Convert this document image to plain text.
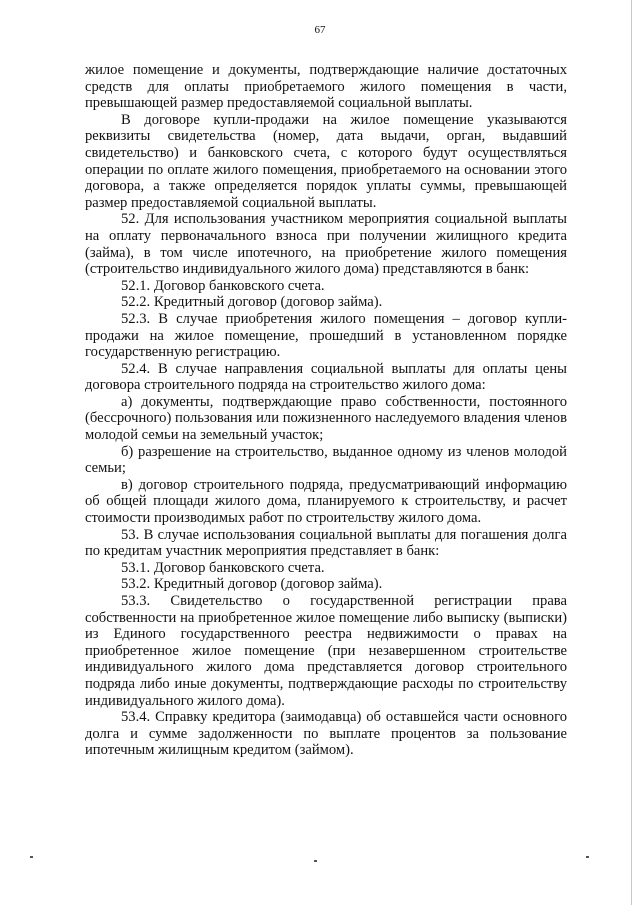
67

жилое помещение и документы, подтверждающие наличие достаточных средств для оплаты приобретаемого жилого помещения в части, превышающей размер предоставляемой социальной выплаты.

В договоре купли-продажи на жилое помещение указываются реквизиты свидетельства (номер, дата выдачи, орган, выдавший свидетельство) и банковского счета, с которого будут осуществляться операции по оплате жилого помещения, приобретаемого на основании этого договора, а также определяется порядок уплаты суммы, превышающей размер предоставляемой социальной выплаты.

52. Для использования участником мероприятия социальной выплаты на оплату первоначального взноса при получении жилищного кредита (займа), в том числе ипотечного, на приобретение жилого помещения (строительство индивидуального жилого дома) представляются в банк:

52.1. Договор банковского счета.

52.2. Кредитный договор (договор займа).

52.3. В случае приобретения жилого помещения – договор купли-продажи на жилое помещение, прошедший в установленном порядке государственную регистрацию.

52.4. В случае направления социальной выплаты для оплаты цены договора строительного подряда на строительство жилого дома:

а) документы, подтверждающие право собственности, постоянного (бессрочного) пользования или пожизненного наследуемого владения членов молодой семьи на земельный участок;

б) разрешение на строительство, выданное одному из членов молодой семьи;

в) договор строительного подряда, предусматривающий информацию об общей площади жилого дома, планируемого к строительству, и расчет стоимости производимых работ по строительству жилого дома.

53. В случае использования социальной выплаты для погашения долга по кредитам участник мероприятия представляет в банк:

53.1. Договор банковского счета.

53.2. Кредитный договор (договор займа).

53.3. Свидетельство о государственной регистрации права собственности на приобретенное жилое помещение либо выписку (выписки) из Единого государственного реестра недвижимости о правах на приобретенное жилое помещение (при незавершенном строительстве индивидуального жилого дома представляется договор строительного подряда либо иные документы, подтверждающие расходы по строительству индивидуального жилого дома).

53.4. Справку кредитора (заимодавца) об оставшейся части основного долга и сумме задолженности по выплате процентов за пользование ипотечным жилищным кредитом (займом).
